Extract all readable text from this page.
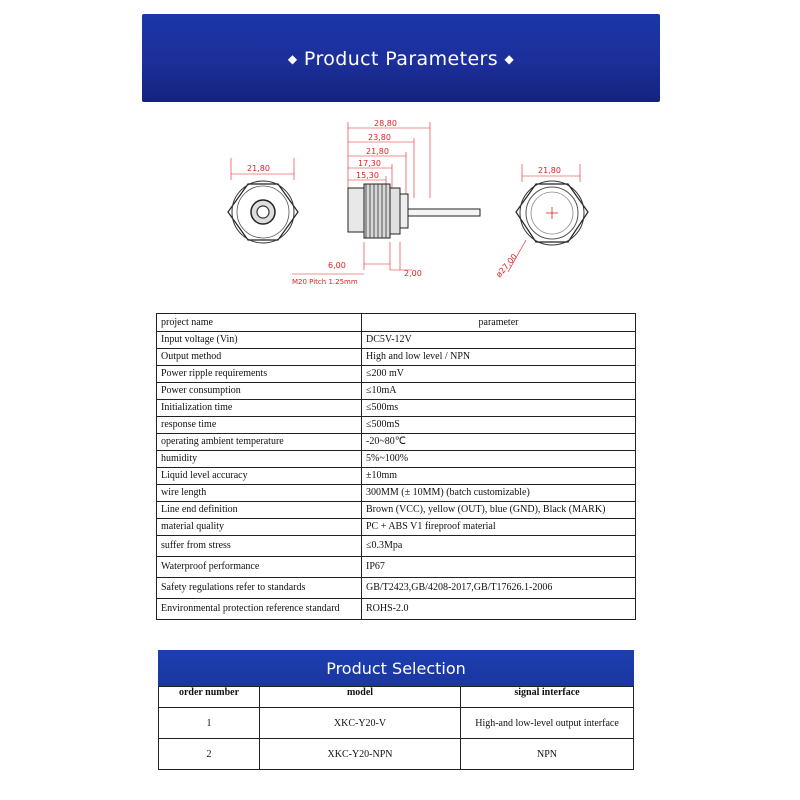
◆ Product Parameters ◆
21,80
28,80
23,80
21,80
17,30
15,30
6,00
2,00
M20 Pitch 1.25mm
21,80
ø27,00
project name	parameter
Input voltage (Vin)	DC5V-12V
Output method	High and low level / NPN
Power ripple requirements	≤200 mV
Power consumption	≤10mA
Initialization time	≤500ms
response time	≤500mS
operating ambient temperature	-20~80℃
humidity	5%~100%
Liquid level accuracy	±10mm
wire length	300MM (± 10MM) (batch customizable)
Line end definition	Brown (VCC), yellow (OUT), blue (GND), Black (MARK)
material quality	PC + ABS V1 fireproof material
suffer from stress	≤0.3Mpa
Waterproof performance	IP67
Safety regulations refer to standards	GB/T2423,GB/4208-2017,GB/T17626.1-2006
Environmental protection reference standard	ROHS-2.0
Product Selection
order number	model	signal interface
1	XKC-Y20-V	High-and low-level output interface
2	XKC-Y20-NPN	NPN
